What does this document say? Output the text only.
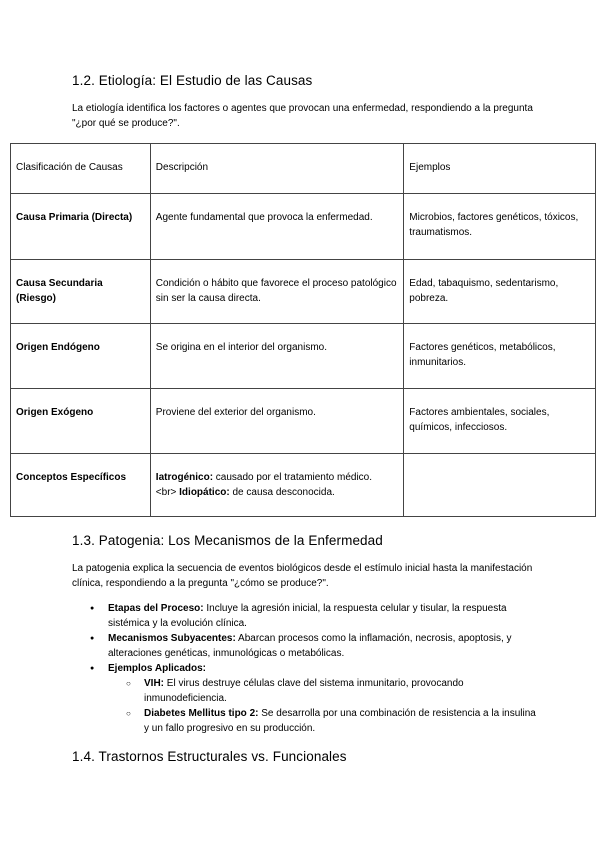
1.2. Etiología: El Estudio de las Causas

La etiología identifica los factores o agentes que provocan una enfermedad, respondiendo a la pregunta "¿por qué se produce?".

Clasificación de Causas	Descripción	Ejemplos
Causa Primaria (Directa)	Agente fundamental que provoca la enfermedad.	Microbios, factores genéticos, tóxicos, traumatismos.
Causa Secundaria (Riesgo)	Condición o hábito que favorece el proceso patológico sin ser la causa directa.	Edad, tabaquismo, sedentarismo, pobreza.
Origen Endógeno	Se origina en el interior del organismo.	Factores genéticos, metabólicos, inmunitarios.
Origen Exógeno	Proviene del exterior del organismo.	Factores ambientales, sociales, químicos, infecciosos.
Conceptos Específicos	Iatrogénico: causado por el tratamiento médico.
<br> Idiopático: de causa desconocida.	
1.3. Patogenia: Los Mecanismos de la Enfermedad

La patogenia explica la secuencia de eventos biológicos desde el estímulo inicial hasta la manifestación clínica, respondiendo a la pregunta "¿cómo se produce?".

● Etapas del Proceso: Incluye la agresión inicial, la respuesta celular y tisular, la respuesta sistémica y la evolución clínica.
● Mecanismos Subyacentes: Abarcan procesos como la inflamación, necrosis, apoptosis, y alteraciones genéticas, inmunológicas o metabólicas.
● Ejemplos Aplicados:
○ VIH: El virus destruye células clave del sistema inmunitario, provocando inmunodeficiencia.
○ Diabetes Mellitus tipo 2: Se desarrolla por una combinación de resistencia a la insulina y un fallo progresivo en su producción.
1.4. Trastornos Estructurales vs. Funcionales
